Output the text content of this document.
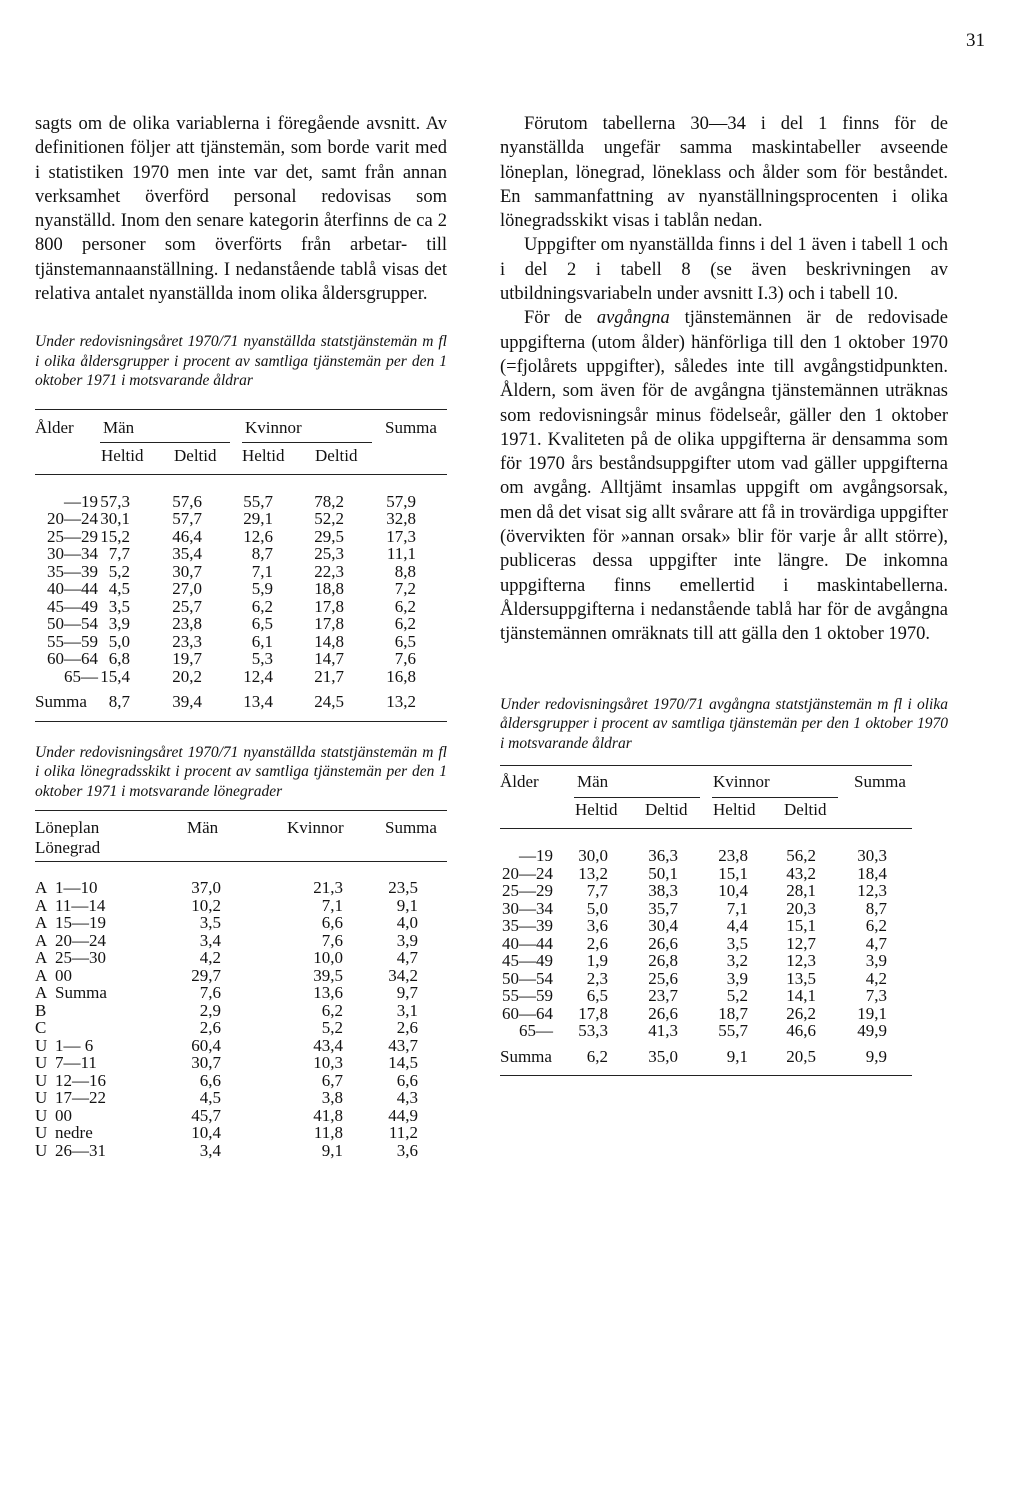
31

sagts om de olika variablerna i föregående avsnitt. Av definitionen följer att tjänstemän, som borde varit med i statistiken 1970 men inte var det, samt från annan verksamhet överförd personal redovisas som nyanställd. Inom den senare kategorin återfinns de ca 2 800 personer som överförts från arbetar- till tjänstemannaanställning. I nedanstående tablå visas det relativa antalet nyanställda inom olika åldersgrupper.

Under redovisningsåret 1970/71 nyanställda statstjänstemän m fl i olika åldersgrupper i procent av samtliga tjänstemän per den 1 oktober 1971 i motsvarande åldrar

Ålder Män	Kvinnor	Summa
Heltid Deltid Heltid Deltid
—19 57,3 57,6 55,7 78,2 57,9
20—24 30,1 57,7 29,1 52,2 32,8
25—29 15,2 46,4 12,6 29,5 17,3
30—34 7,7 35,4	8,7 25,3	11,1
35—39 5,2 30,7	7,1 22,3	8,8
40—44 4,5 27,0	5,9 18,8	7,2
45—49 3,5 25,7	6,2 17,8	6,2
50—54 3,9 23,8	6,5 17,8	6,2
55—59 5,0 23,3	6,1 14,8	6,5
60—64 6,8 19,7	5,3 14,7	7,6
65— 15,4 20,2 12,4 21,7 16,8
Summa 8,7 39,4 13,4 24,5 13,2

Under redovisningsåret 1970/71 nyanställda statstjänstemän m fl i olika lönegradsskikt i procent av samtliga tjänstemän per den 1 oktober 1971 i motsvarande lönegrader

Löneplan
Lönegrad
Män	Kvinnor Summa
A 1—10	37,0	21,3	23,5
A 11—14	10,2	7,1	9,1
A 15—19	3,5	6,6	4,0
A 20—24	3,4	7,6	3,9
A 25—30	4,2	10,0	4,7
A 00	29,7	39,5	34,2
A Summa	7,6	13,6	9,7
B	2,9	6,2	3,1
C	2,6	5,2	2,6
U 1— 6	60,4	43,4	43,7
U 7—11	30,7	10,3	14,5
U 12—16	6,6	6,7	6,6
U 17—22	4,5	3,8	4,3
U 00	45,7	41,8	44,9
U nedre	10,4	11,8	11,2
U 26—31	3,4	9,1	3,6

Förutom tabellerna 30—34 i del 1 finns för de nyanställda ungefär samma maskintabeller avseende löneplan, lönegrad, löneklass och ålder som för beståndet. En sammanfattning av nyanställningsprocenten i olika lönegradsskikt visas i tablån nedan.

Uppgifter om nyanställda finns i del 1 även i tabell 1 och i del 2 i tabell 8 (se även beskrivningen av utbildningsvariabeln under avsnitt I.3) och i tabell 10.

För de avgångna tjänstemännen är de redovisade uppgifterna (utom ålder) hänförliga till den 1 oktober 1970 (=fjolårets uppgifter), således inte till avgångstidpunkten. Åldern, som även för de avgångna tjänstemännen uträknas som redovisningsår minus födelseår, gäller den 1 oktober 1971. Kvaliteten på de olika uppgifterna är densamma som för 1970 års beståndsuppgifter utom vad gäller uppgifterna om avgång. Alltjämt insamlas uppgift om avgångsorsak, men då det visat sig allt svårare att få in trovärdiga uppgifter (övervikten för »annan orsak» blir för varje år allt större), publiceras dessa uppgifter inte längre. De inkomna uppgifterna finns emellertid i maskintabellerna. Åldersuppgifterna i nedanstående tablå har för de avgångna tjänstemännen omräknats till att gälla den 1 oktober 1970.

Under redovisningsåret 1970/71 avgångna statstjänstemän m fl i olika åldersgrupper i procent av samtliga tjänstemän per den 1 oktober 1970 i motsvarande åldrar

Ålder Män	Kvinnor	Summa
Heltid Deltid Heltid Deltid
—19 30,0 36,3 23,8 56,2 30,3
20—24 13,2 50,1 15,1 43,2 18,4
25—29 7,7 38,3 10,4 28,1 12,3
30—34 5,0 35,7	7,1 20,3	8,7
35—39 3,6 30,4	4,4 15,1	6,2
40—44 2,6 26,6	3,5 12,7	4,7
45—49 1,9 26,8	3,2 12,3	3,9
50—54 2,3 25,6	3,9 13,5	4,2
55—59 6,5 23,7	5,2 14,1	7,3
60—64 17,8 26,6 18,7 26,2 19,1
65— 53,3 41,3 55,7 46,6 49,9
Summa 6,2 35,0	9,1 20,5	9,9
